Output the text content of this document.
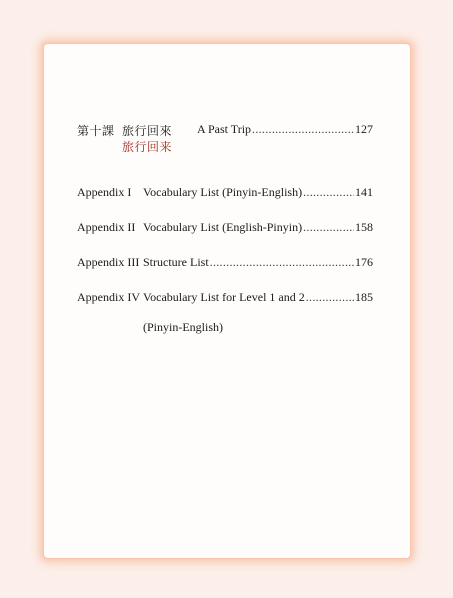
第十課 旅行回來
旅行回来
A Past Trip .....	127
Appendix I Vocabulary List (Pinyin-English) .....	141
Appendix II Vocabulary List (English-Pinyin) .....	158
Appendix III Structure List .....	176
Appendix IV Vocabulary List for Level 1 and 2 .....	185
(Pinyin-English)
